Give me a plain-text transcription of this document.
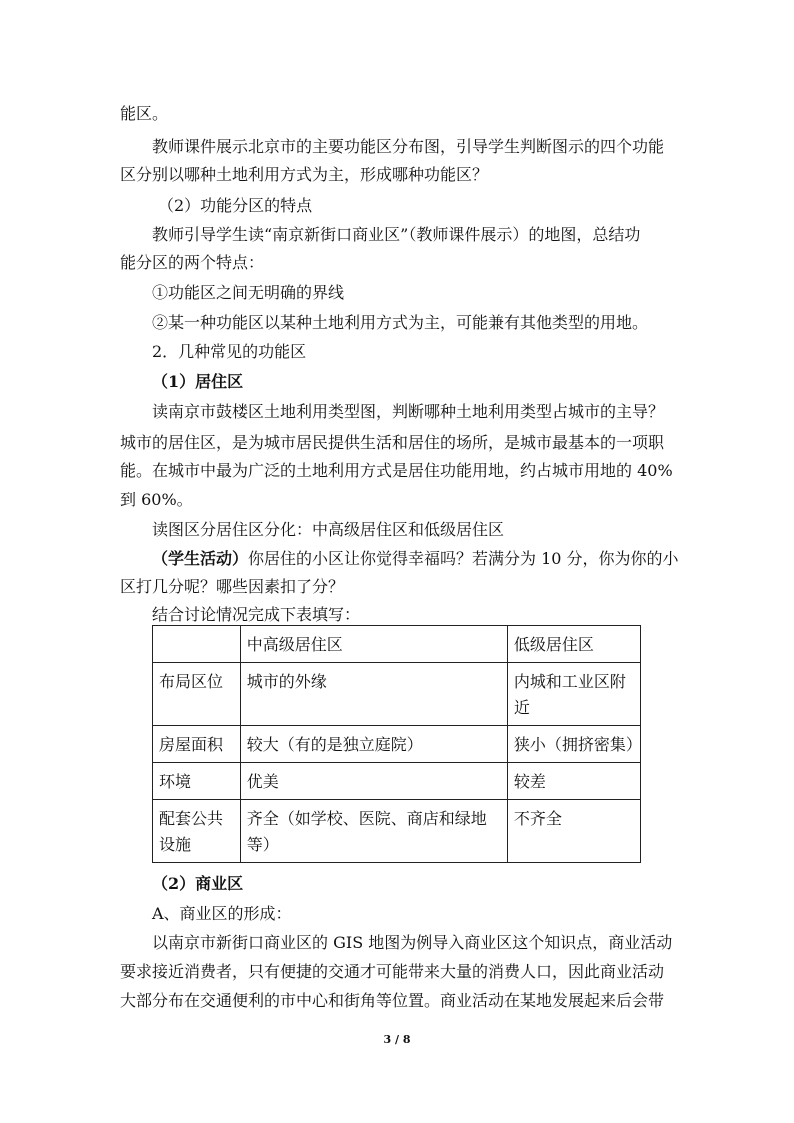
能区。
教师课件展示北京市的主要功能区分布图，引导学生判断图示的四个功能
区分别以哪种土地利用方式为主，形成哪种功能区？
（2）功能分区的特点
教师引导学生读“南京新街口商业区”（教师课件展示）的地图，总结功
能分区的两个特点：
①功能区之间无明确的界线
②某一种功能区以某种土地利用方式为主，可能兼有其他类型的用地。
2．几种常见的功能区
（1）居住区
读南京市鼓楼区土地利用类型图，判断哪种土地利用类型占城市的主导？
城市的居住区，是为城市居民提供生活和居住的场所，是城市最基本的一项职
能。在城市中最为广泛的土地利用方式是居住功能用地，约占城市用地的 40%
到 60%。
读图区分居住区分化：中高级居住区和低级居住区
（学生活动）你居住的小区让你觉得幸福吗？若满分为 10 分，你为你的小
区打几分呢？哪些因素扣了分？
结合讨论情况完成下表填写：
	中高级居住区	低级居住区
布局区位	城市的外缘	内城和工业区附近
房屋面积	较大（有的是独立庭院）	狭小（拥挤密集）
环境	优美	较差
配套公共设施	齐全（如学校、医院、商店和绿地等）	不齐全
（2）商业区
A、商业区的形成：
以南京市新街口商业区的 GIS 地图为例导入商业区这个知识点，商业活动
要求接近消费者，只有便捷的交通才可能带来大量的消费人口，因此商业活动
大部分布在交通便利的市中心和街角等位置。商业活动在某地发展起来后会带
3 / 8
